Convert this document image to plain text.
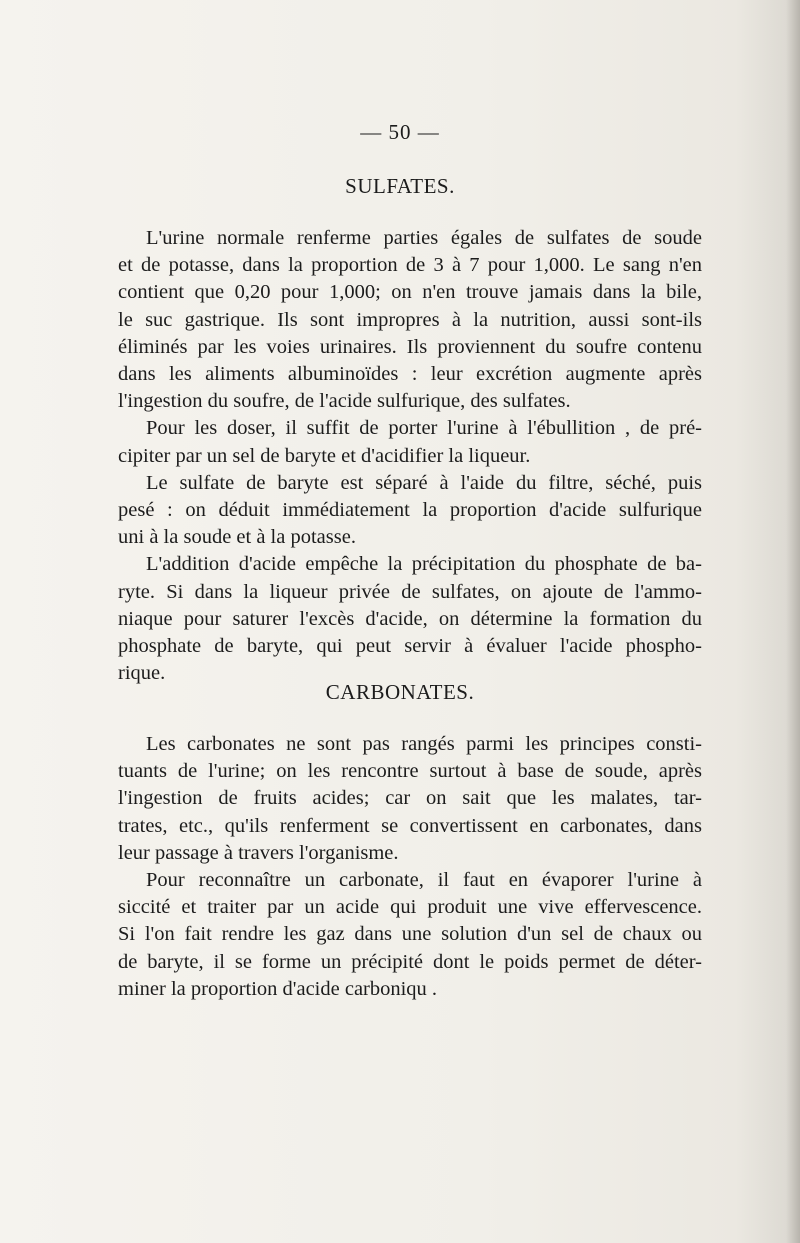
— 50 —
SULFATES.
L'urine normale renferme parties égales de sulfates de soude
et de potasse, dans la proportion de 3 à 7 pour 1,000. Le sang n'en
contient que 0,20 pour 1,000; on n'en trouve jamais dans la bile,
le suc gastrique. Ils sont impropres à la nutrition, aussi sont-ils
éliminés par les voies urinaires. Ils proviennent du soufre contenu
dans les aliments albuminoïdes : leur excrétion augmente après
l'ingestion du soufre, de l'acide sulfurique, des sulfates.
Pour les doser, il suffit de porter l'urine à l'ébullition , de pré-
cipiter par un sel de baryte et d'acidifier la liqueur.
Le sulfate de baryte est séparé à l'aide du filtre, séché, puis
pesé : on déduit immédiatement la proportion d'acide sulfurique
uni à la soude et à la potasse.
L'addition d'acide empêche la précipitation du phosphate de ba-
ryte. Si dans la liqueur privée de sulfates, on ajoute de l'ammo-
niaque pour saturer l'excès d'acide, on détermine la formation du
phosphate de baryte, qui peut servir à évaluer l'acide phospho-
rique.
CARBONATES.
Les carbonates ne sont pas rangés parmi les principes consti-
tuants de l'urine; on les rencontre surtout à base de soude, après
l'ingestion de fruits acides; car on sait que les malates, tar-
trates, etc., qu'ils renferment se convertissent en carbonates, dans
leur passage à travers l'organisme.
Pour reconnaître un carbonate, il faut en évaporer l'urine à
siccité et traiter par un acide qui produit une vive effervescence.
Si l'on fait rendre les gaz dans une solution d'un sel de chaux ou
de baryte, il se forme un précipité dont le poids permet de déter-
miner la proportion d'acide carboniqu .
